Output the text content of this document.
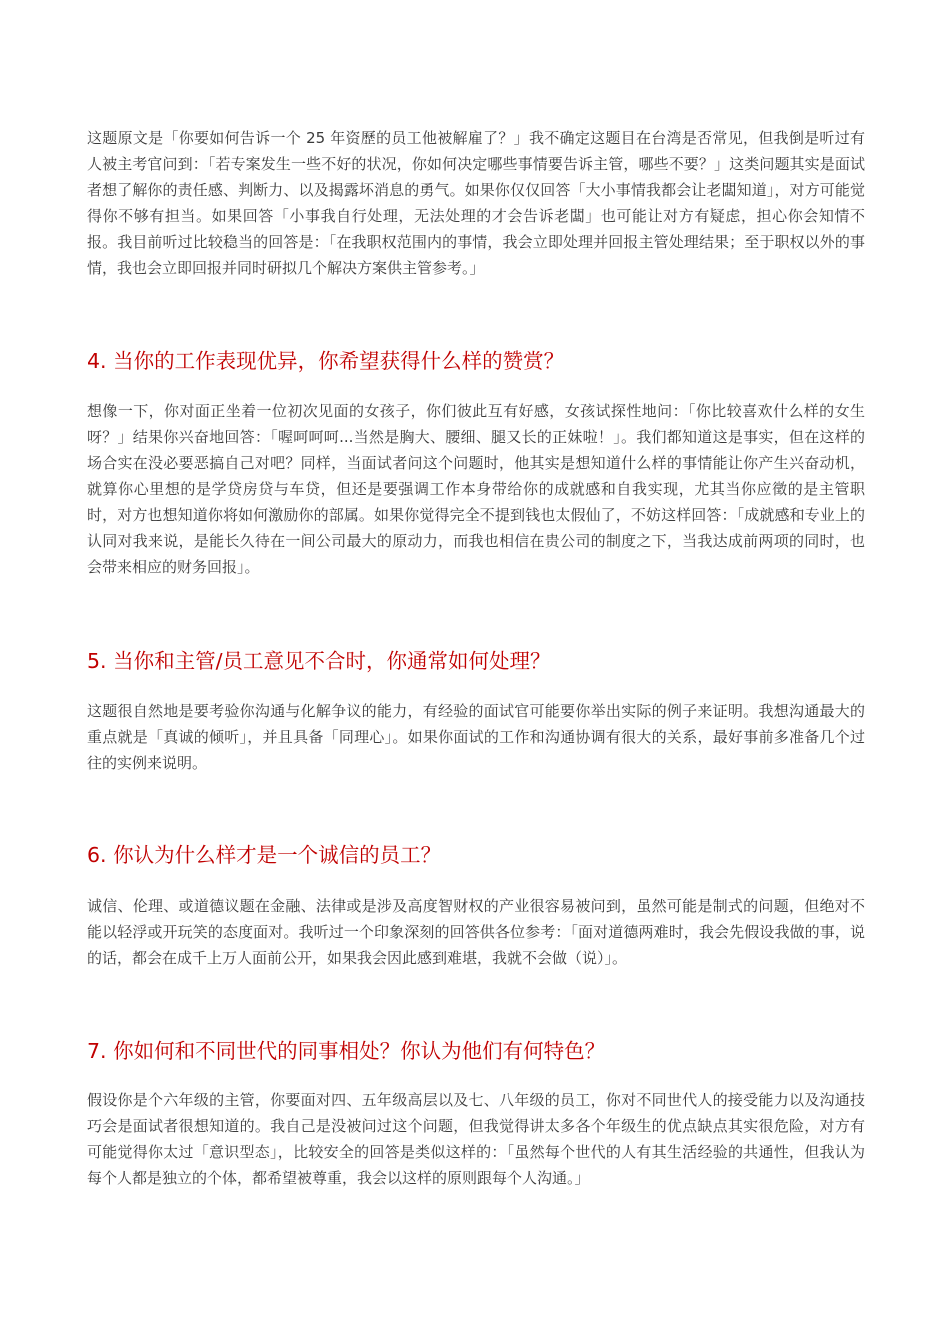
这题原文是「你要如何告诉一个 25 年资歷的员工他被解雇了？」我不确定这题目在台湾是否常见，但我倒是听过有人被主考官问到：「若专案发生一些不好的状况，你如何决定哪些事情要告诉主管，哪些不要？」这类问题其实是面试者想了解你的责任感、判断力、以及揭露坏消息的勇气。如果你仅仅回答「大小事情我都会让老闆知道」，对方可能觉得你不够有担当。如果回答「小事我自行处理，无法处理的才会告诉老闆」也可能让对方有疑虑，担心你会知情不报。我目前听过比较稳当的回答是：「在我职权范围内的事情，我会立即处理并回报主管处理结果；至于职权以外的事情，我也会立即回报并同时研拟几个解决方案供主管参考。」

4. 当你的工作表现优异，你希望获得什么样的赞赏？

想像一下，你对面正坐着一位初次见面的女孩子，你们彼此互有好感，女孩试探性地问：「你比较喜欢什么样的女生呀？」结果你兴奋地回答：「喔呵呵呵...当然是胸大、腰细、腿又长的正妹啦！」。我们都知道这是事实，但在这样的场合实在没必要恶搞自己对吧？同样，当面试者问这个问题时，他其实是想知道什么样的事情能让你产生兴奋动机，就算你心里想的是学贷房贷与车贷，但还是要强调工作本身带给你的成就感和自我实现，尤其当你应徵的是主管职时，对方也想知道你将如何激励你的部属。如果你觉得完全不提到钱也太假仙了，不妨这样回答：「成就感和专业上的认同对我来说，是能长久待在一间公司最大的原动力，而我也相信在贵公司的制度之下，当我达成前两项的同时，也会带来相应的财务回报」。

5. 当你和主管/员工意见不合时，你通常如何处理？

这题很自然地是要考验你沟通与化解争议的能力，有经验的面试官可能要你举出实际的例子来证明。我想沟通最大的重点就是「真诚的倾听」，并且具备「同理心」。如果你面试的工作和沟通协调有很大的关系，最好事前多准备几个过往的实例来说明。

6. 你认为什么样才是一个诚信的员工？

诚信、伦理、或道德议题在金融、法律或是涉及高度智财权的产业很容易被问到，虽然可能是制式的问题，但绝对不能以轻浮或开玩笑的态度面对。我听过一个印象深刻的回答供各位参考：「面对道德两难时，我会先假设我做的事，说的话，都会在成千上万人面前公开，如果我会因此感到难堪，我就不会做（说）」。

7. 你如何和不同世代的同事相处？你认为他们有何特色？

假设你是个六年级的主管，你要面对四、五年级高层以及七、八年级的员工，你对不同世代人的接受能力以及沟通技巧会是面试者很想知道的。我自己是没被问过这个问题，但我觉得讲太多各个年级生的优点缺点其实很危险，对方有可能觉得你太过「意识型态」，比较安全的回答是类似这样的：「虽然每个世代的人有其生活经验的共通性，但我认为每个人都是独立的个体，都希望被尊重，我会以这样的原则跟每个人沟通。」
